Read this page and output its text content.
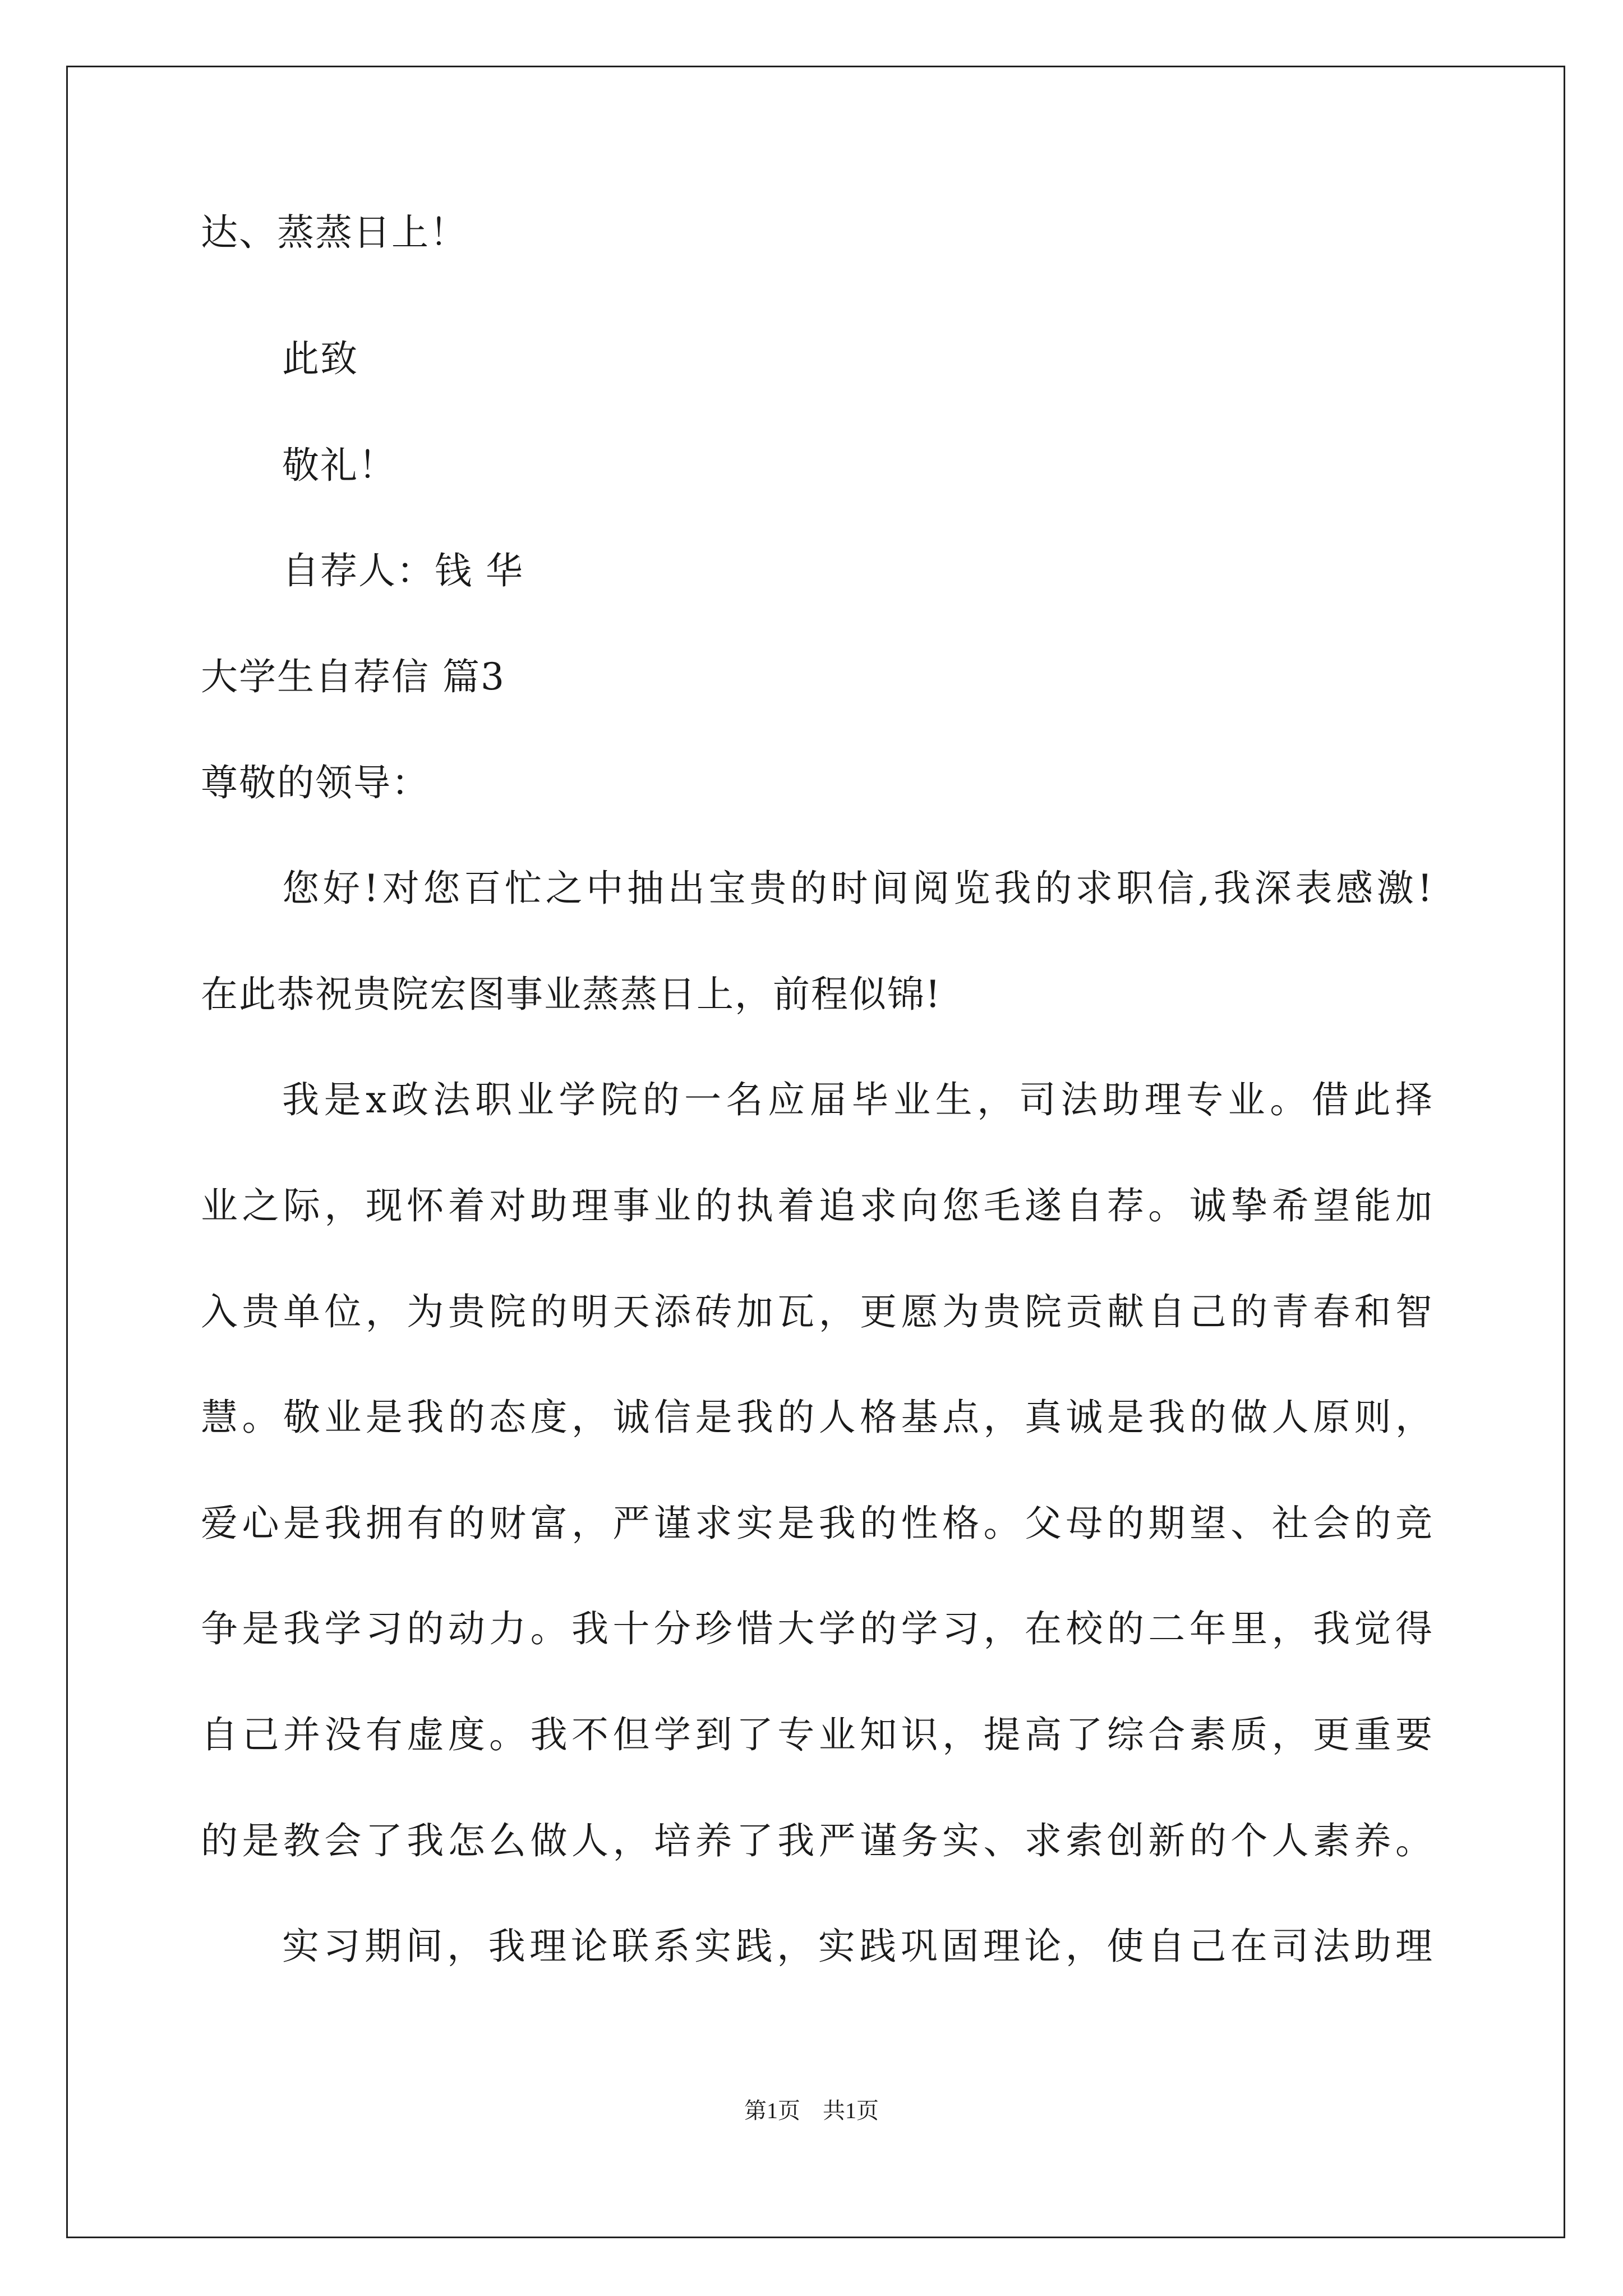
达、蒸蒸日上！
此致
敬礼！
自荐人：钱 华
大学生自荐信 篇3
尊敬的领导：
您好!对您百忙之中抽出宝贵的时间阅览我的求职信,我深表感激!
在此恭祝贵院宏图事业蒸蒸日上，前程似锦!
我是x政法职业学院的一名应届毕业生，司法助理专业。借此择
业之际，现怀着对助理事业的执着追求向您毛遂自荐。诚挚希望能加
入贵单位，为贵院的明天添砖加瓦，更愿为贵院贡献自己的青春和智
慧。敬业是我的态度，诚信是我的人格基点，真诚是我的做人原则，
爱心是我拥有的财富，严谨求实是我的性格。父母的期望、社会的竞
争是我学习的动力。我十分珍惜大学的学习，在校的二年里，我觉得
自己并没有虚度。我不但学到了专业知识，提高了综合素质，更重要
的是教会了我怎么做人，培养了我严谨务实、求索创新的个人素养。
实习期间，我理论联系实践，实践巩固理论，使自己在司法助理
第1页　共1页
